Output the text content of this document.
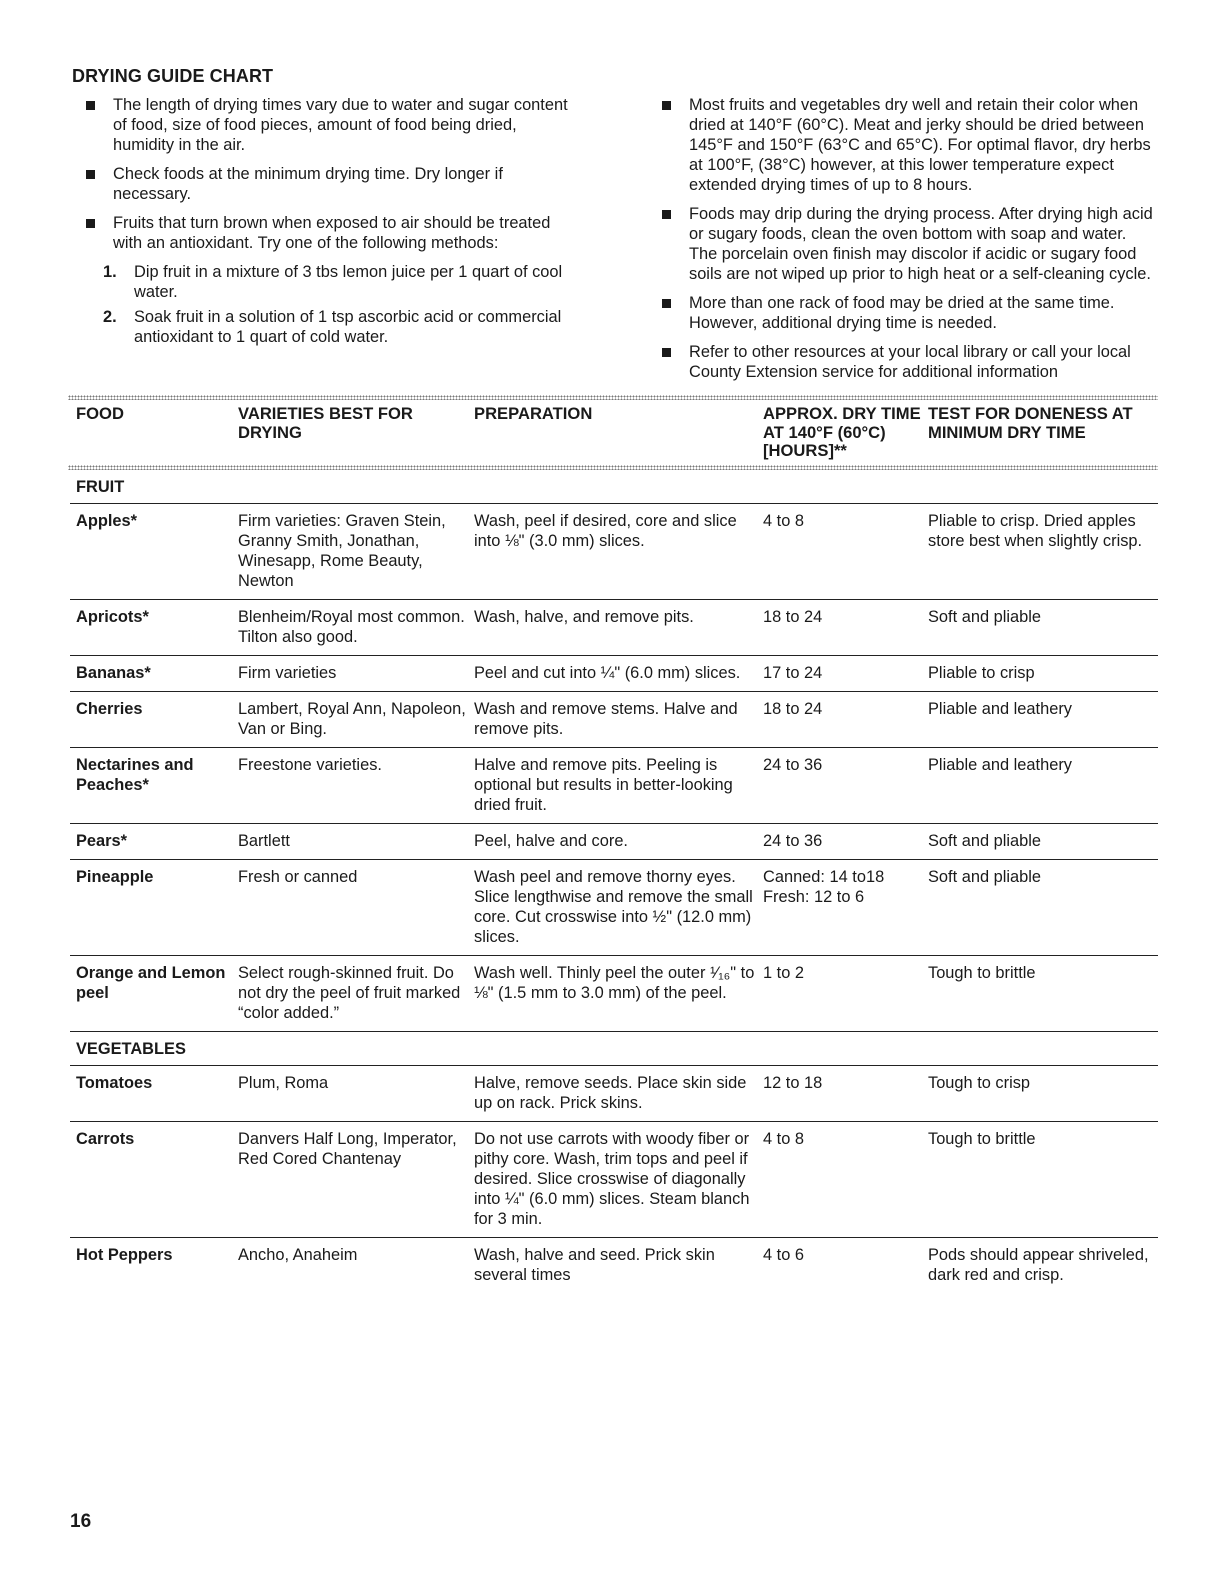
DRYING GUIDE CHART
The length of drying times vary due to water and sugar content of food, size of food pieces, amount of food being dried, humidity in the air.
Check foods at the minimum drying time. Dry longer if necessary.
Fruits that turn brown when exposed to air should be treated with an antioxidant. Try one of the following methods:
1.	Dip fruit in a mixture of 3 tbs lemon juice per 1 quart of cool water.
2.	Soak fruit in a solution of 1 tsp ascorbic acid or commercial antioxidant to 1 quart of cold water.
Most fruits and vegetables dry well and retain their color when dried at 140°F (60°C). Meat and jerky should be dried between 145°F and 150°F (63°C and 65°C). For optimal flavor, dry herbs at 100°F, (38°C) however, at this lower temperature expect extended drying times of up to 8 hours.
Foods may drip during the drying process. After drying high acid or sugary foods, clean the oven bottom with soap and water. The porcelain oven finish may discolor if acidic or sugary food soils are not wiped up prior to high heat or a self-cleaning cycle.
More than one rack of food may be dried at the same time. However, additional drying time is needed.
Refer to other resources at your local library or call your local County Extension service for additional information
FOOD	VARIETIES BEST FOR DRYING	PREPARATION	APPROX. DRY TIME AT 140°F (60°C) [HOURS]**	TEST FOR DONENESS AT MINIMUM DRY TIME

FRUIT				
Apples*	Firm varieties: Graven Stein, Granny Smith, Jonathan, Winesapp, Rome Beauty, Newton	Wash, peel if desired, core and slice into ⅛" (3.0 mm) slices.	4 to 8	Pliable to crisp. Dried apples store best when slightly crisp.
Apricots*	Blenheim/Royal most common. Tilton also good.	Wash, halve, and remove pits.	18 to 24	Soft and pliable
Bananas*	Firm varieties	Peel and cut into ¼" (6.0 mm) slices.	17 to 24	Pliable to crisp
Cherries	Lambert, Royal Ann, Napoleon, Van or Bing.	Wash and remove stems. Halve and remove pits.	18 to 24	Pliable and leathery
Nectarines and Peaches*	Freestone varieties.	Halve and remove pits. Peeling is optional but results in better-looking dried fruit.	24 to 36	Pliable and leathery
Pears*	Bartlett	Peel, halve and core.	24 to 36	Soft and pliable
Pineapple	Fresh or canned	Wash peel and remove thorny eyes. Slice lengthwise and remove the small core. Cut crosswise into ½" (12.0 mm) slices.	Canned: 14 to18 Fresh: 12 to 6	Soft and pliable
Orange and Lemon peel	Select rough-skinned fruit. Do not dry the peel of fruit marked “color added.”	Wash well. Thinly peel the outer ¹⁄₁₆" to ⅛" (1.5 mm to 3.0 mm) of the peel.	1 to 2	Tough to brittle
VEGETABLES				
Tomatoes	Plum, Roma	Halve, remove seeds. Place skin side up on rack. Prick skins.	12 to 18	Tough to crisp
Carrots	Danvers Half Long, Imperator, Red Cored Chantenay	Do not use carrots with woody fiber or pithy core. Wash, trim tops and peel if desired. Slice crosswise of diagonally into ¼" (6.0 mm) slices. Steam blanch for 3 min.	4 to 8	Tough to brittle
Hot Peppers	Ancho, Anaheim	Wash, halve and seed. Prick skin several times	4 to 6	Pods should appear shriveled, dark red and crisp.
16
